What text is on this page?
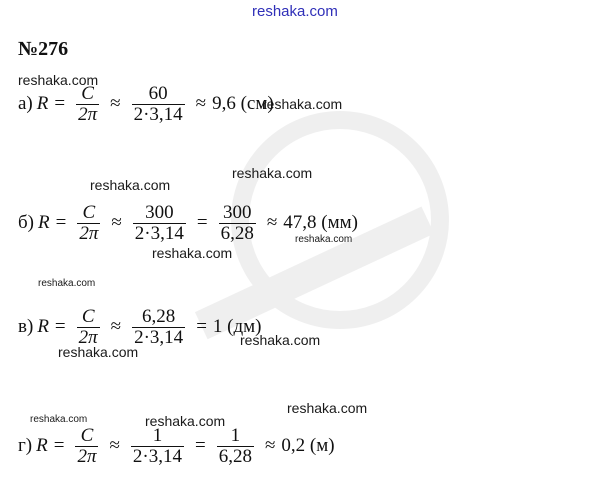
reshaka.com
№276
reshaka.com
reshaka.com
reshaka.com
reshaka.com
reshaka.com
reshaka.com
reshaka.com
reshaka.com
reshaka.com
reshaka.com	reshaka.com
reshaka.com
а) $R = \frac{C}{2\pi} \approx \frac{60}{2\cdot 3,14} \approx 9,6$ (см)
б) $R = \frac{C}{2\pi} \approx \frac{300}{2\cdot 3,14} = \frac{300}{6,28} \approx 47,8$ (мм)
в) $R = \frac{C}{2\pi} \approx \frac{6,28}{2\cdot 3,14} = 1$ (дм)
г) $R = \frac{C}{2\pi} \approx \frac{1}{2\cdot 3,14} = \frac{1}{6,28} \approx 0,2$ (м)
